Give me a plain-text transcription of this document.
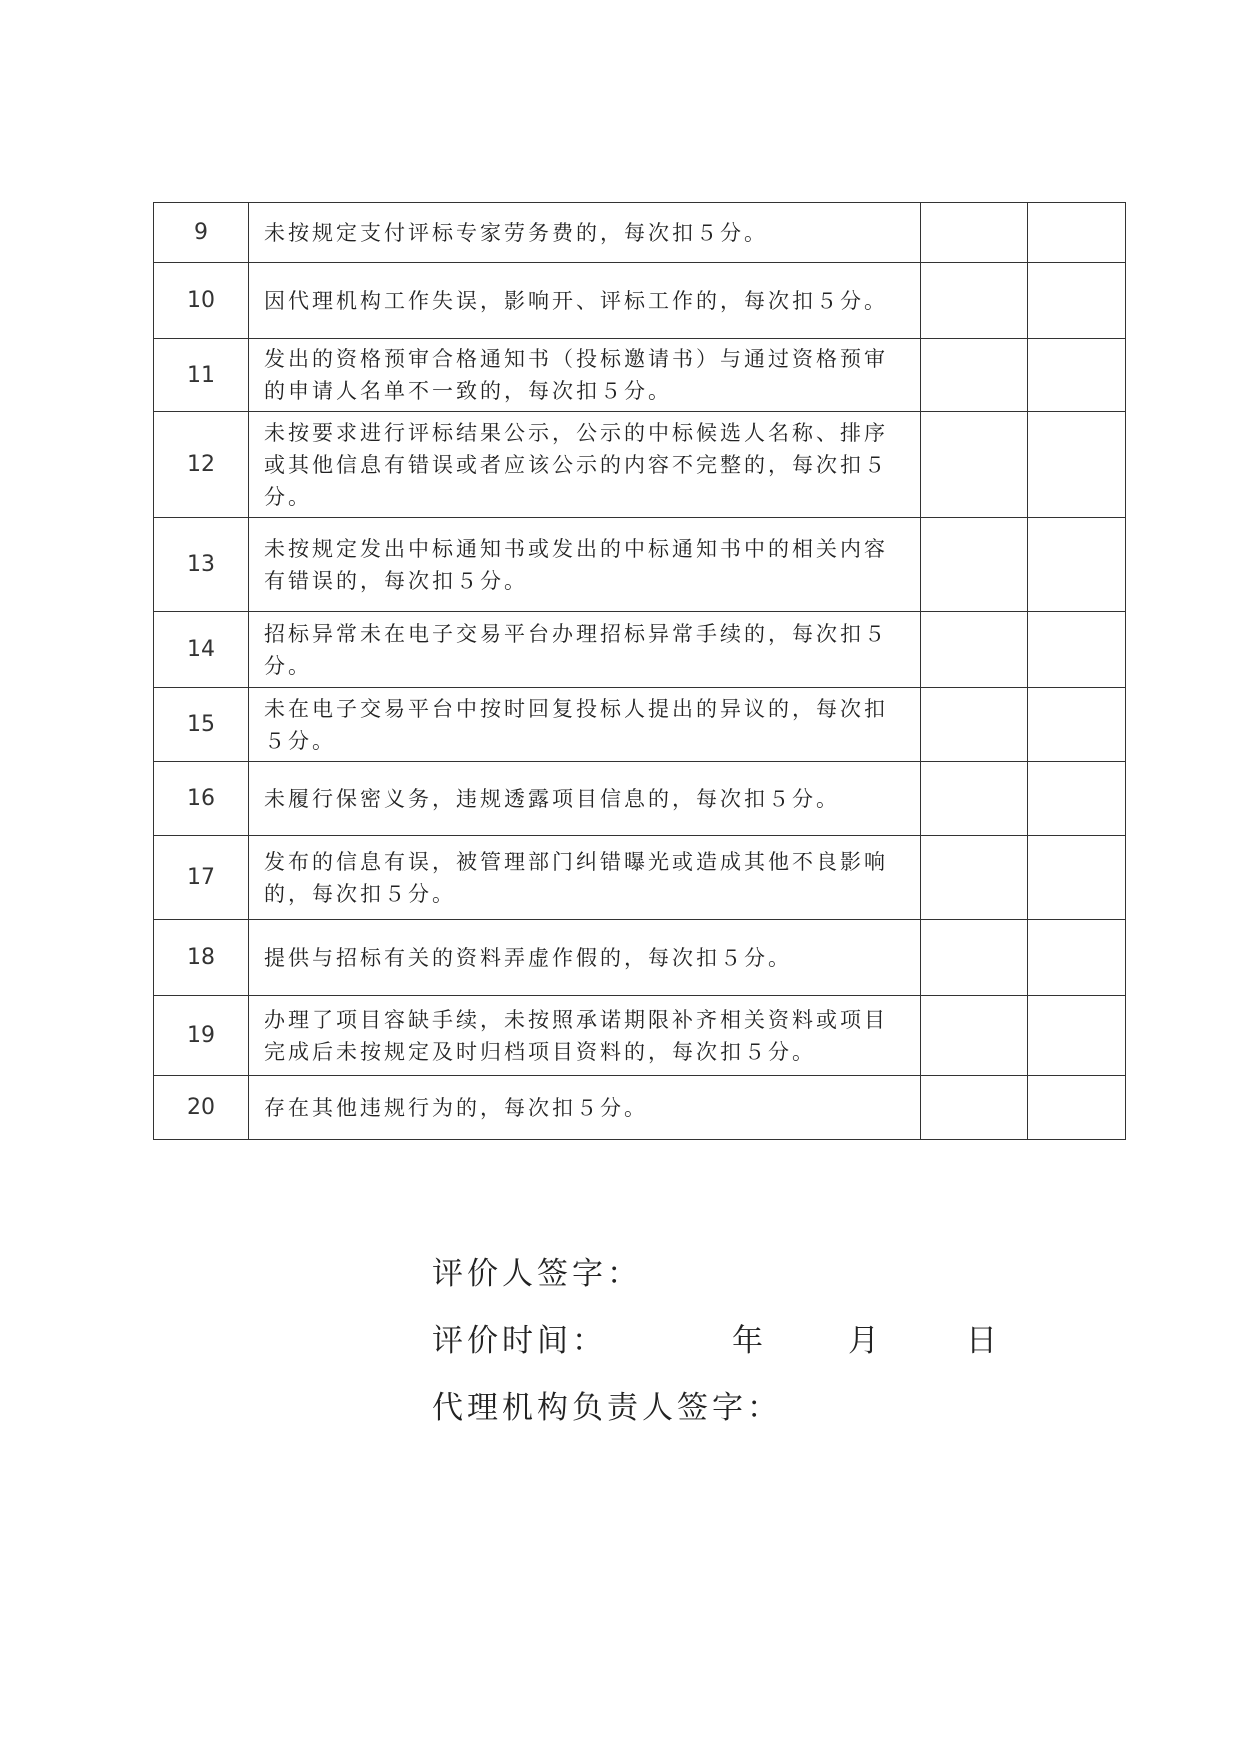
9	未按规定支付评标专家劳务费的，每次扣５分。		
10	因代理机构工作失误，影响开、评标工作的，每次扣５分。		
11	发出的资格预审合格通知书（投标邀请书）与通过资格预审的申请人名单不一致的，每次扣５分。		
12	未按要求进行评标结果公示，公示的中标候选人名称、排序或其他信息有错误或者应该公示的内容不完整的，每次扣５分。		
13	未按规定发出中标通知书或发出的中标通知书中的相关内容有错误的，每次扣５分。		
14	招标异常未在电子交易平台办理招标异常手续的，每次扣５分。		
15	未在电子交易平台中按时回复投标人提出的异议的，每次扣５分。		
16	未履行保密义务，违规透露项目信息的，每次扣５分。		
17	发布的信息有误，被管理部门纠错曝光或造成其他不良影响的，每次扣５分。		
18	提供与招标有关的资料弄虚作假的，每次扣５分。		
19	办理了项目容缺手续，未按照承诺期限补齐相关资料或项目完成后未按规定及时归档项目资料的，每次扣５分。		
20	存在其他违规行为的，每次扣５分。		
评价人签字：
评价时间：	年	月	日
代理机构负责人签字：
